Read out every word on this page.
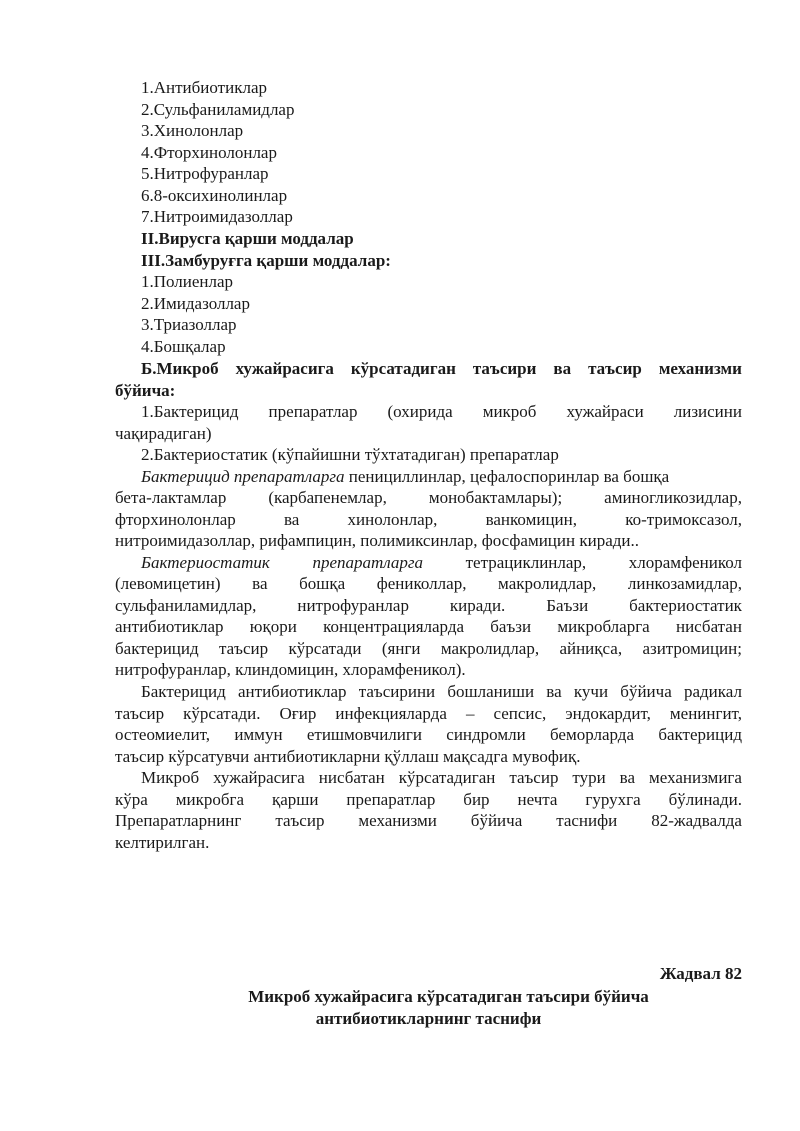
1.Антибиотиклар
2.Сульфаниламидлар
3.Хинолонлар
4.Фторхинолонлар
5.Нитрофуранлар
6.8-оксихинолинлар
7.Нитроимидазоллар
II.Вирусга қарши моддалар
III.Замбуруғга қарши моддалар:
1.Полиенлар
2.Имидазоллар
3.Триазоллар
4.Бошқалар
Б.Микроб хужайрасига кўрсатадиган таъсири ва таъсир механизми
бўйича:
1.Бактерицид препаратлар (охирида микроб хужайраси лизисини
чақирадиган)
2.Бактериостатик (кўпайишни тўхтатадиган) препаратлар
Бактерицид препаратларга пенициллинлар, цефалоспоринлар ва бошқа
бета-лактамлар (карбапенемлар, монобактамлары); аминогликозидлар,
фторхинолонлар	ва	хинолонлар,	ванкомицин,	ко-тримоксазол,
нитроимидазоллар, рифампицин, полимиксинлар, фосфамицин киради..
Бактериостатик	препаратларга	тетрациклинлар,	хлорамфеникол
(левомицетин) ва бошқа фениколлар, макролидлар, линкозамидлар,
сульфаниламидлар, нитрофуранлар киради. Баъзи бактериостатик
антибиотиклар юқори концентрацияларда баъзи микробларга нисбатан
бактерицид таъсир кўрсатади (янги макролидлар, айниқса, азитромицин;
нитрофуранлар, клиндомицин, хлорамфеникол).
Бактерицид антибиотиклар таъсирини бошланиши ва кучи бўйича радикал
таъсир кўрсатади. Оғир инфекцияларда – сепсис, эндокардит, менингит,
остеомиелит, иммун етишмовчилиги синдромли беморларда бактерицид
таъсир кўрсатувчи антибиотикларни қўллаш мақсадга мувофиқ.
Микроб хужайрасига нисбатан кўрсатадиган таъсир тури ва механизмига
кўра микробга қарши препаратлар бир нечта гурухга бўлинади.
Препаратларнинг таъсир механизми бўйича таснифи 82-жадвалда
келтирилган.
Жадвал 82
Микроб хужайрасига кўрсатадиган таъсири бўйича
антибиотикларнинг таснифи
